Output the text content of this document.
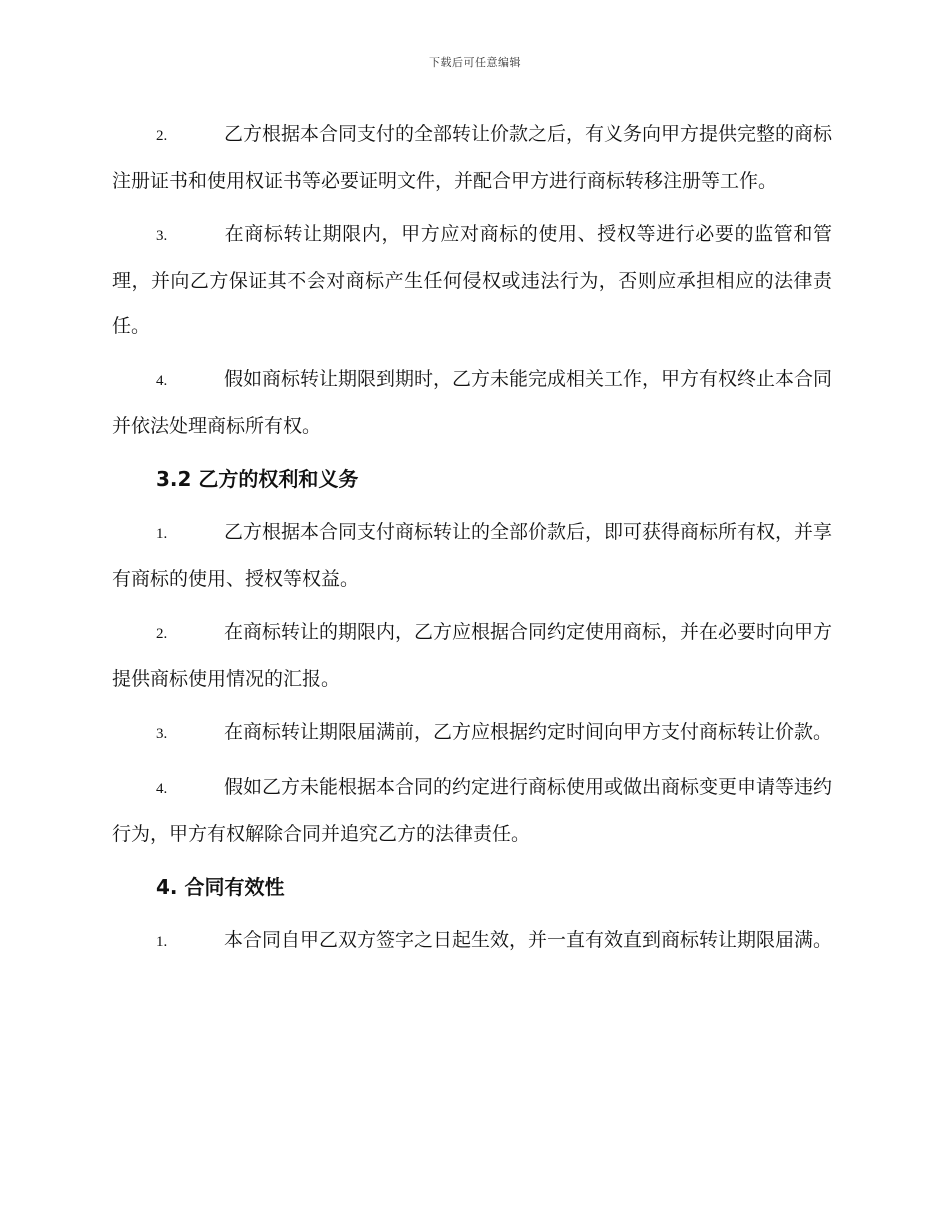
下载后可任意编辑

2.	乙方根据本合同支付的全部转让价款之后，有义务向甲方提供完整的商标注册证书和使用权证书等必要证明文件，并配合甲方进行商标转移注册等工作。

3.	在商标转让期限内，甲方应对商标的使用、授权等进行必要的监管和管理，并向乙方保证其不会对商标产生任何侵权或违法行为，否则应承担相应的法律责任。

4.	假如商标转让期限到期时，乙方未能完成相关工作，甲方有权终止本合同并依法处理商标所有权。

3.2 乙方的权利和义务

1.	乙方根据本合同支付商标转让的全部价款后，即可获得商标所有权，并享有商标的使用、授权等权益。

2.	在商标转让的期限内，乙方应根据合同约定使用商标，并在必要时向甲方提供商标使用情况的汇报。

3.	在商标转让期限届满前，乙方应根据约定时间向甲方支付商标转让价款。

4.	假如乙方未能根据本合同的约定进行商标使用或做出商标变更申请等违约行为，甲方有权解除合同并追究乙方的法律责任。

4. 合同有效性

1.	本合同自甲乙双方签字之日起生效，并一直有效直到商标转让期限届满。
